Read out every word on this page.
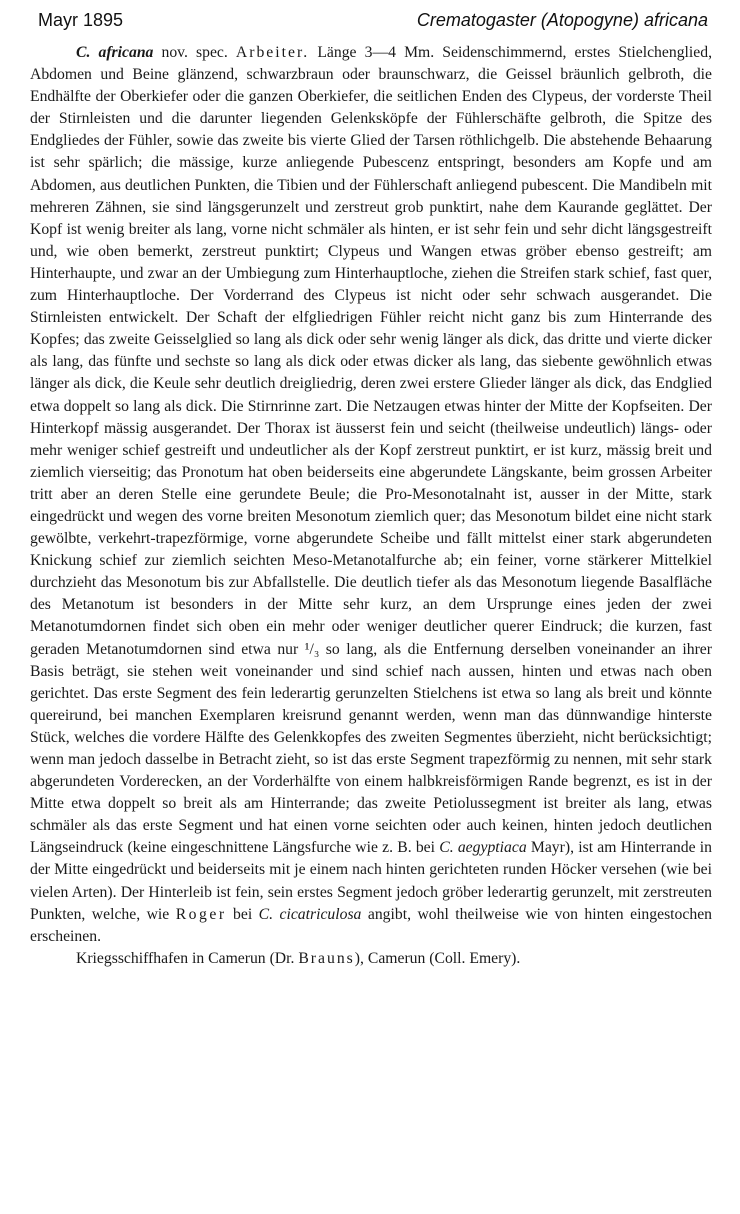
Mayr 1895	Crematogaster (Atopogyne) africana

C. africana nov. spec. Arbeiter. Länge 3—4 Mm. Seidenschimmernd, erstes Stielchenglied, Abdomen und Beine glänzend, schwarzbraun oder braunschwarz, die Geissel bräunlich gelbroth, die Endhälfte der Oberkiefer oder die ganzen Oberkiefer, die seitlichen Enden des Clypeus, der vorderste Theil der Stirnleisten und die darunter liegenden Gelenksköpfe der Fühlerschäfte gelbroth, die Spitze des Endgliedes der Fühler, sowie das zweite bis vierte Glied der Tarsen röthlichgelb. Die abstehende Behaarung ist sehr spärlich; die mässige, kurze anliegende Pubescenz entspringt, besonders am Kopfe und am Abdomen, aus deutlichen Punkten, die Tibien und der Fühlerschaft anliegend pubescent. Die Mandibeln mit mehreren Zähnen, sie sind längsgerunzelt und zerstreut grob punktirt, nahe dem Kaurande geglättet. Der Kopf ist wenig breiter als lang, vorne nicht schmäler als hinten, er ist sehr fein und sehr dicht längsgestreift und, wie oben bemerkt, zerstreut punktirt; Clypeus und Wangen etwas gröber ebenso gestreift; am Hinterhaupte, und zwar an der Umbiegung zum Hinterhauptloche, ziehen die Streifen stark schief, fast quer, zum Hinterhauptloche. Der Vorderrand des Clypeus ist nicht oder sehr schwach ausgerandet. Die Stirnleisten entwickelt. Der Schaft der elfgliedrigen Fühler reicht nicht ganz bis zum Hinterrande des Kopfes; das zweite Geisselglied so lang als dick oder sehr wenig länger als dick, das dritte und vierte dicker als lang, das fünfte und sechste so lang als dick oder etwas dicker als lang, das siebente gewöhnlich etwas länger als dick, die Keule sehr deutlich dreigliedrig, deren zwei erstere Glieder länger als dick, das Endglied etwa doppelt so lang als dick. Die Stirnrinne zart. Die Netzaugen etwas hinter der Mitte der Kopfseiten. Der Hinterkopf mässig ausgerandet. Der Thorax ist äusserst fein und seicht (theilweise undeutlich) längs- oder mehr weniger schief gestreift und undeutlicher als der Kopf zerstreut punktirt, er ist kurz, mässig breit und ziemlich vierseitig; das Pronotum hat oben beiderseits eine abgerundete Längskante, beim grossen Arbeiter tritt aber an deren Stelle eine gerundete Beule; die Pro-Mesonotalnaht ist, ausser in der Mitte, stark eingedrückt und wegen des vorne breiten Mesonotum ziemlich quer; das Mesonotum bildet eine nicht stark gewölbte, verkehrt-trapezförmige, vorne abgerundete Scheibe und fällt mittelst einer stark abgerundeten Knickung schief zur ziemlich seichten Meso-Metanotalfurche ab; ein feiner, vorne stärkerer Mittelkiel durchzieht das Mesonotum bis zur Abfallstelle. Die deutlich tiefer als das Mesonotum liegende Basalfläche des Metanotum ist besonders in der Mitte sehr kurz, an dem Ursprunge eines jeden der zwei Metanotumdornen findet sich oben ein mehr oder weniger deutlicher querer Eindruck; die kurzen, fast geraden Metanotumdornen sind etwa nur ¹/₃ so lang, als die Entfernung derselben voneinander an ihrer Basis beträgt, sie stehen weit voneinander und sind schief nach aussen, hinten und etwas nach oben gerichtet. Das erste Segment des fein lederartig gerunzelten Stielchens ist etwa so lang als breit und könnte quereirund, bei manchen Exemplaren kreisrund genannt werden, wenn man das dünnwandige hinterste Stück, welches die vordere Hälfte des Gelenkkopfes des zweiten Segmentes überzieht, nicht berücksichtigt; wenn man jedoch dasselbe in Betracht zieht, so ist das erste Segment trapezförmig zu nennen, mit sehr stark abgerundeten Vorderecken, an der Vorderhälfte von einem halbkreisförmigen Rande begrenzt, es ist in der Mitte etwa doppelt so breit als am Hinterrande; das zweite Petiolussegment ist breiter als lang, etwas schmäler als das erste Segment und hat einen vorne seichten oder auch keinen, hinten jedoch deutlichen Längseindruck (keine eingeschnittene Längsfurche wie z. B. bei C. aegyptiaca Mayr), ist am Hinterrande in der Mitte eingedrückt und beiderseits mit je einem nach hinten gerichteten runden Höcker versehen (wie bei vielen Arten). Der Hinterleib ist fein, sein erstes Segment jedoch gröber lederartig gerunzelt, mit zerstreuten Punkten, welche, wie Roger bei C. cicatriculosa angibt, wohl theilweise wie von hinten eingestochen erscheinen.

Kriegsschiffhafen in Camerun (Dr. Brauns), Camerun (Coll. Emery).
